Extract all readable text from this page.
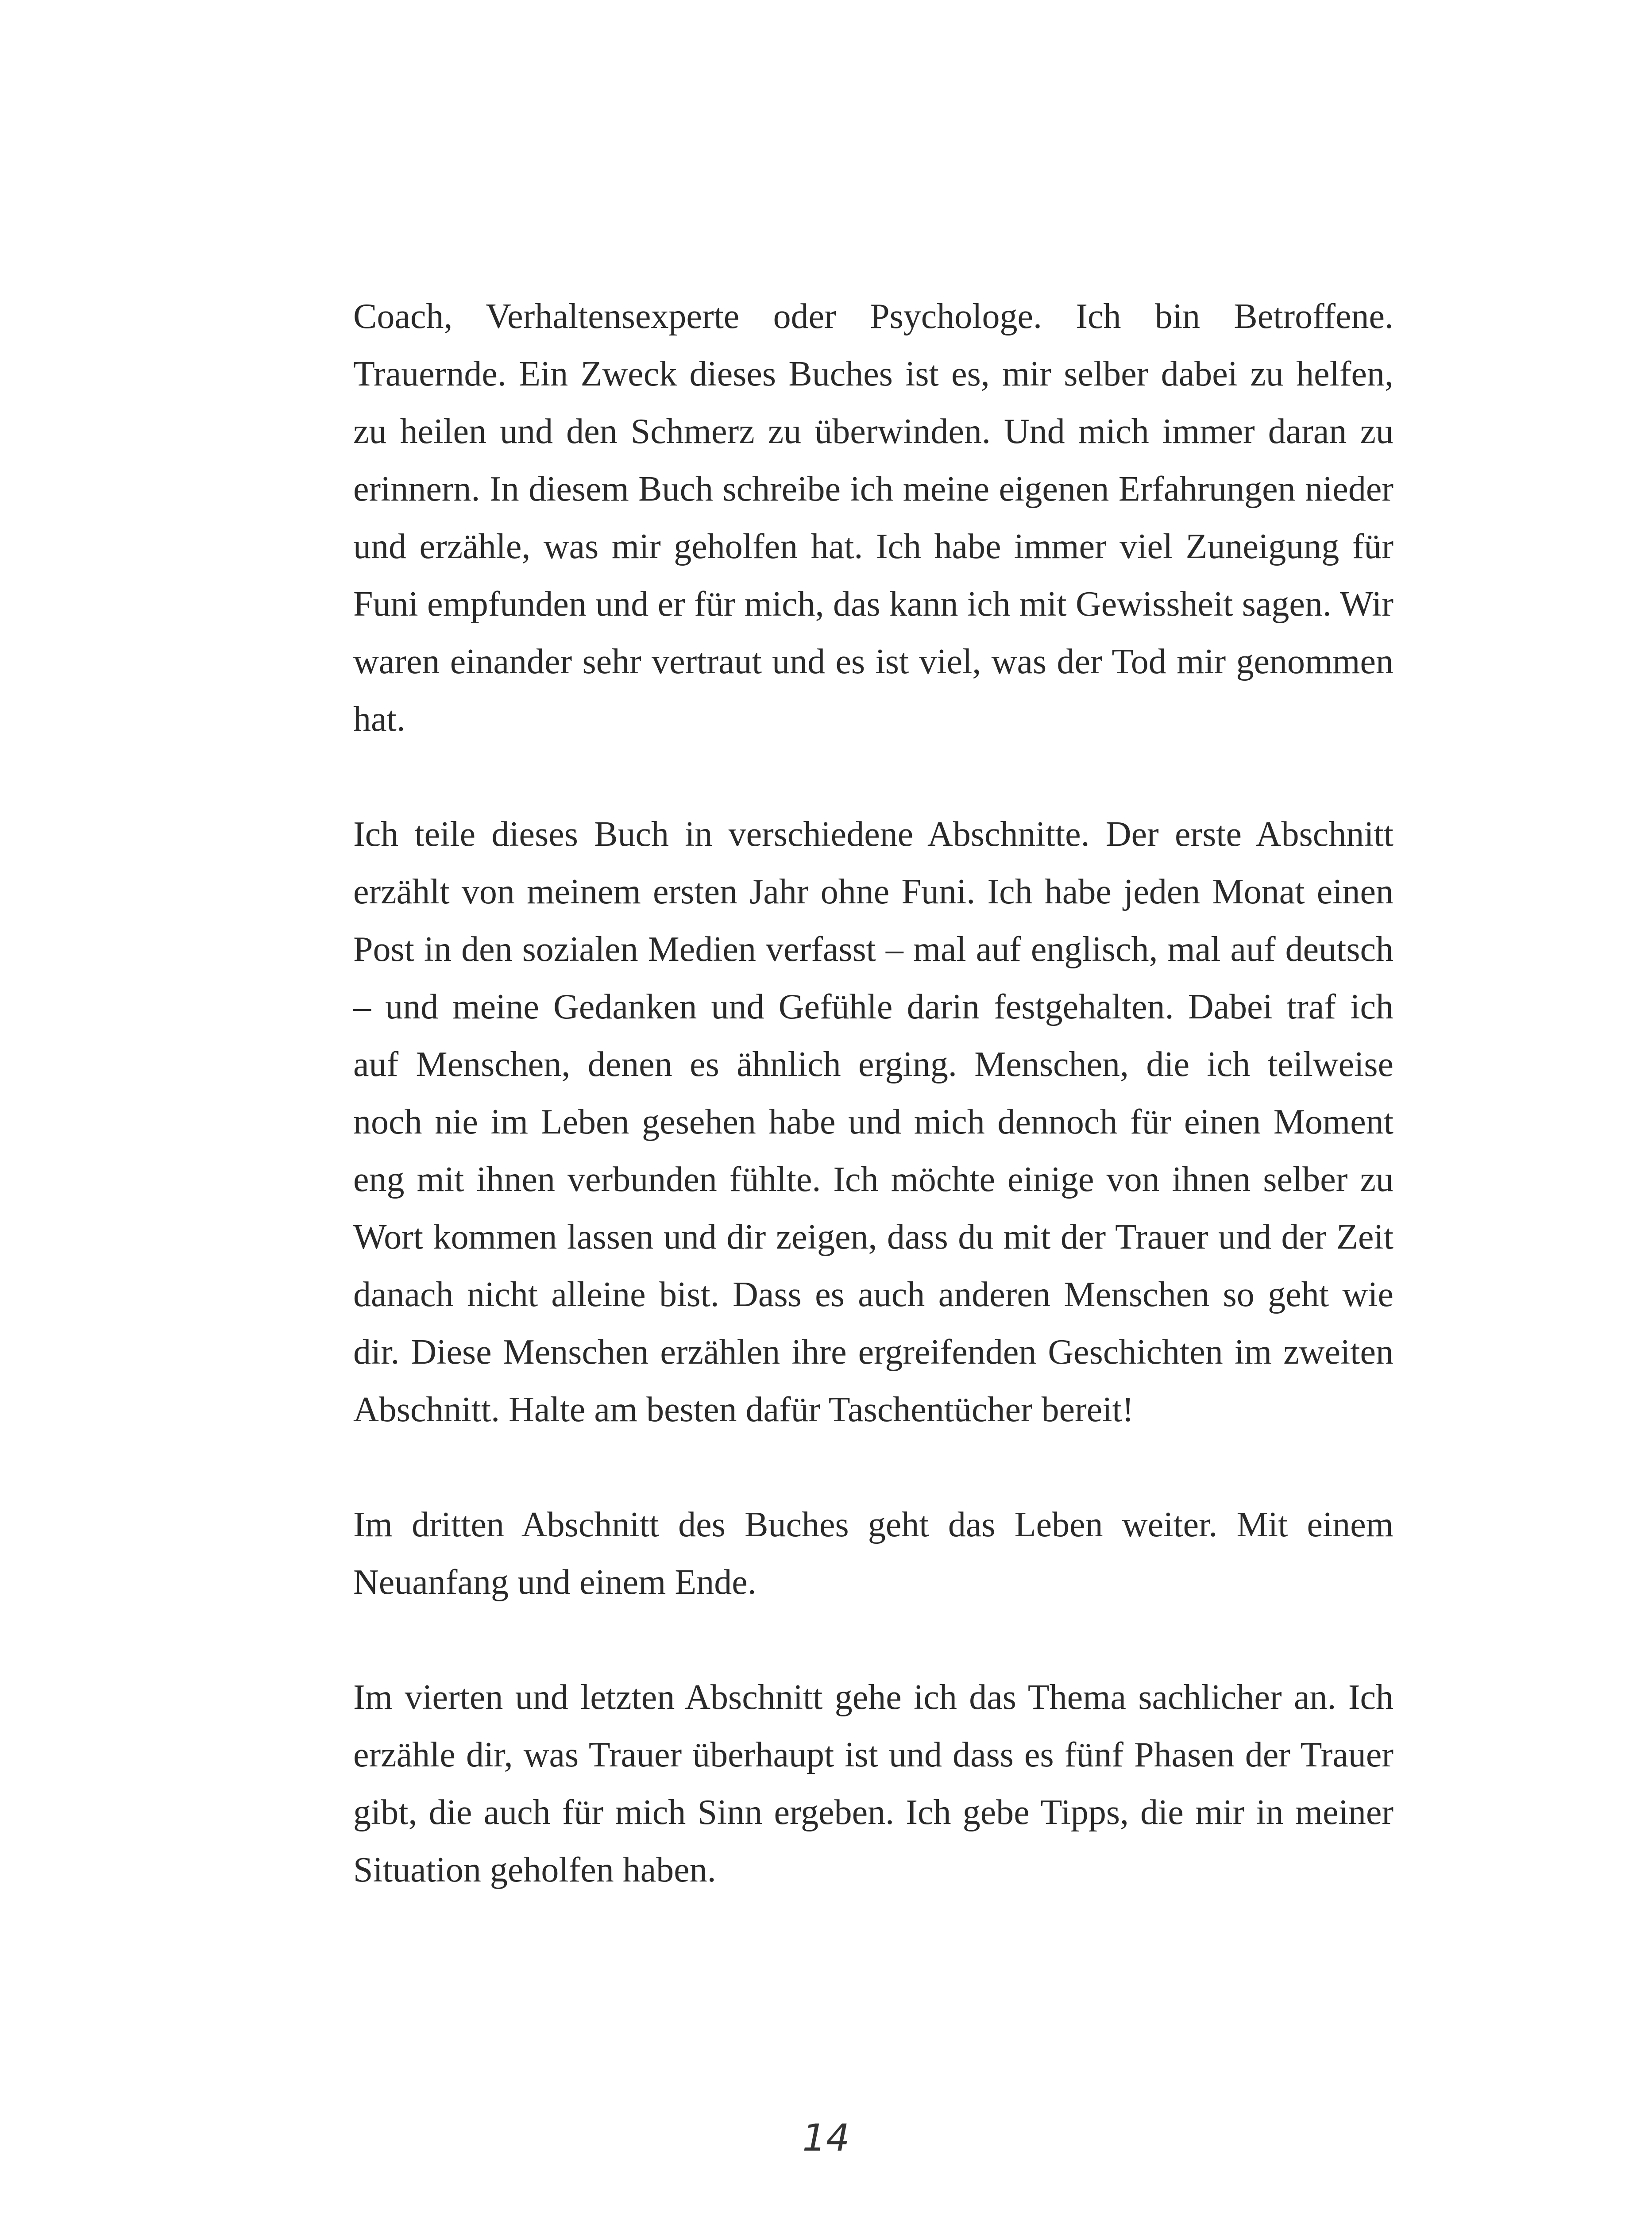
Coach, Verhaltensexperte oder Psychologe. Ich bin Betroffene. Trauernde. Ein Zweck dieses Buches ist es, mir selber dabei zu helfen, zu heilen und den Schmerz zu überwinden. Und mich immer daran zu erinnern. In diesem Buch schreibe ich meine eigenen Erfahrungen nieder und erzähle, was mir geholfen hat. Ich habe immer viel Zuneigung für Funi empfunden und er für mich, das kann ich mit Gewissheit sagen. Wir waren einander sehr vertraut und es ist viel, was der Tod mir genommen hat.

Ich teile dieses Buch in verschiedene Abschnitte. Der erste Abschnitt erzählt von meinem ersten Jahr ohne Funi. Ich habe jeden Monat einen Post in den sozialen Medien verfasst – mal auf englisch, mal auf deutsch – und meine Gedanken und Gefühle darin festgehalten. Dabei traf ich auf Menschen, denen es ähnlich erging. Menschen, die ich teilweise noch nie im Leben gesehen habe und mich dennoch für einen Moment eng mit ihnen verbunden fühlte. Ich möchte einige von ihnen selber zu Wort kommen lassen und dir zeigen, dass du mit der Trauer und der Zeit danach nicht alleine bist. Dass es auch anderen Menschen so geht wie dir. Diese Menschen erzählen ihre ergreifenden Geschichten im zweiten Abschnitt. Halte am besten dafür Taschentücher bereit!

Im dritten Abschnitt des Buches geht das Leben weiter. Mit einem Neuanfang und einem Ende.

Im vierten und letzten Abschnitt gehe ich das Thema sachlicher an. Ich erzähle dir, was Trauer überhaupt ist und dass es fünf Phasen der Trauer gibt, die auch für mich Sinn ergeben. Ich gebe Tipps, die mir in meiner Situation geholfen haben.

14
